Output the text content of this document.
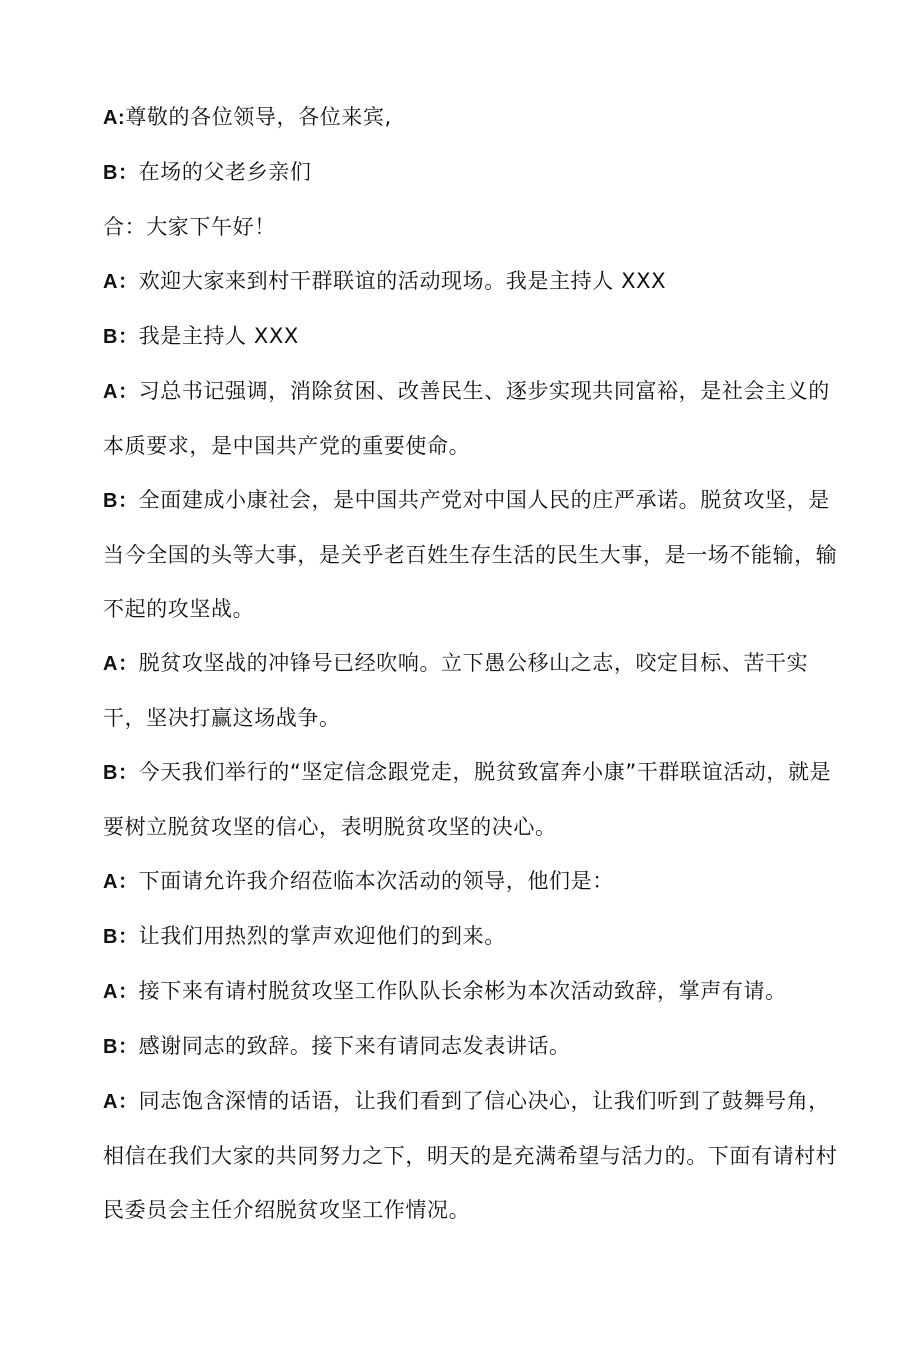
A:尊敬的各位领导，各位来宾,

B：在场的父老乡亲们

合：大家下午好！

A：欢迎大家来到村干群联谊的活动现场。我是主持人 XXX

B：我是主持人 XXX

A：习总书记强调，消除贫困、改善民生、逐步实现共同富裕，是社会主义的本质要求，是中国共产党的重要使命。

B：全面建成小康社会，是中国共产党对中国人民的庄严承诺。脱贫攻坚，是当今全国的头等大事，是关乎老百姓生存生活的民生大事，是一场不能输，输不起的攻坚战。

A：脱贫攻坚战的冲锋号已经吹响。立下愚公移山之志，咬定目标、苦干实干，坚决打赢这场战争。

B：今天我们举行的“坚定信念跟党走，脱贫致富奔小康”干群联谊活动，就是要树立脱贫攻坚的信心，表明脱贫攻坚的决心。

A：下面请允许我介绍莅临本次活动的领导，他们是：

B：让我们用热烈的掌声欢迎他们的到来。

A：接下来有请村脱贫攻坚工作队队长余彬为本次活动致辞，掌声有请。

B：感谢同志的致辞。接下来有请同志发表讲话。

A：同志饱含深情的话语，让我们看到了信心决心，让我们听到了鼓舞号角，相信在我们大家的共同努力之下，明天的是充满希望与活力的。下面有请村村民委员会主任介绍脱贫攻坚工作情况。
